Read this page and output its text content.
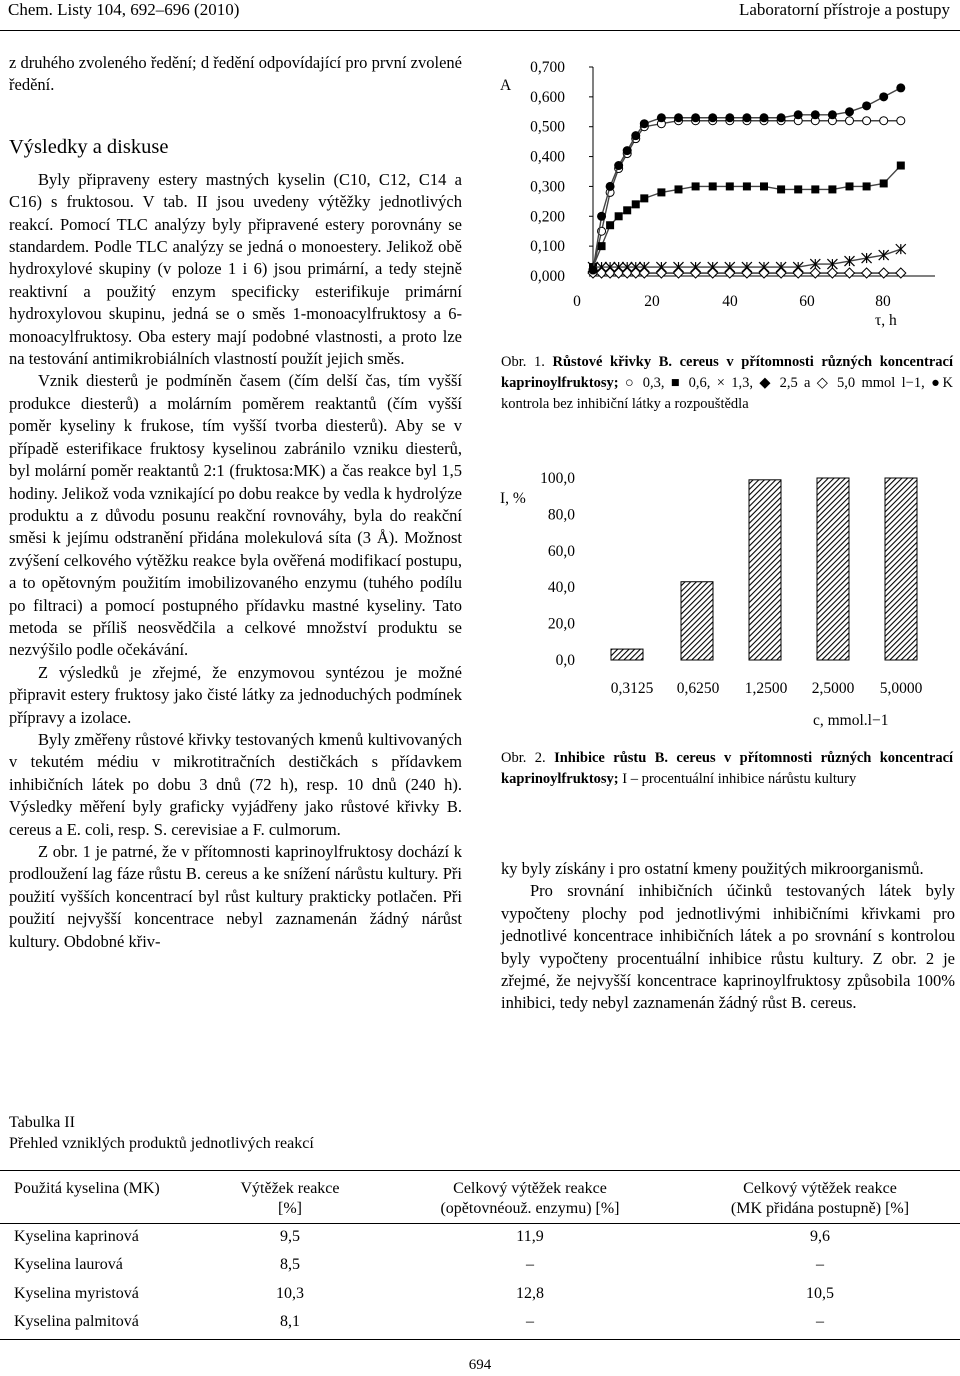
Chem. Listy 104, 692–696 (2010)	Laboratorní přístroje a postupy

z druhého zvoleného ředění; d ředění odpovídající pro první zvolené ředění.

Výsledky a diskuse

Byly připraveny estery mastných kyselin (C10, C12, C14 a C16) s fruktosou. V tab. II jsou uvedeny výtěžky jednotlivých reakcí. Pomocí TLC analýzy byly připravené estery porovnány se standardem. Podle TLC analýzy se jedná o monoestery. Jelikož obě hydroxylové skupiny (v poloze 1 i 6) jsou primární, a tedy stejně reaktivní a použitý enzym specificky esterifikuje primární hydroxylovou skupinu, jedná se o směs 1-monoacylfruktosy a 6-monoacylfruktosy. Oba estery mají podobné vlastnosti, a proto lze na testování antimikrobiálních vlastností použít jejich směs.

Vznik diesterů je podmíněn časem (čím delší čas, tím vyšší produkce diesterů) a molárním poměrem reaktantů (čím vyšší poměr kyseliny k frukose, tím vyšší tvorba diesterů). Aby se v případě esterifikace fruktosy kyselinou zabránilo vzniku diesterů, byl molární poměr reaktantů 2:1 (fruktosa:MK) a čas reakce byl 1,5 hodiny. Jelikož voda vznikající po dobu reakce by vedla k hydrolýze produktu a z důvodu posunu reakční rovnováhy, byla do reakční směsi k jejímu odstranění přidána molekulová síta (3 Å). Možnost zvýšení celkového výtěžku reakce byla ověřená modifikací postupu, a to opětovným použitím imobilizovaného enzymu (tuhého podílu po filtraci) a pomocí postupného přídavku mastné kyseliny. Tato metoda se příliš neosvědčila a celkové množství produktu se nezvýšilo podle očekávání.

Z výsledků je zřejmé, že enzymovou syntézou je možné připravit estery fruktosy jako čisté látky za jednoduchých podmínek přípravy a izolace.

Byly změřeny růstové křivky testovaných kmenů kultivovaných v tekutém médiu v mikrotitračních destičkách s přídavkem inhibičních látek po dobu 3 dnů (72 h), resp. 10 dnů (240 h). Výsledky měření byly graficky vyjádřeny jako růstové křivky B. cereus a E. coli, resp. S. cerevisiae a F. culmorum.

Z obr. 1 je patrné, že v přítomnosti kaprinoylfruktosy dochází k prodloužení lag fáze růstu B. cereus a ke snížení nárůstu kultury. Při použití vyšších koncentrací byl růst kultury prakticky potlačen. Při použití nejvyšší koncentrace nebyl zaznamenán žádný nárůst kultury. Obdobné křiv-

A
0,000
0,100
0,200
0,300
0,400
0,500
0,600
0,700
0	20	40	60	80
τ, h
Obr. 1. Růstové křivky B. cereus v přítomnosti různých koncentrací kaprinoylfruktosy; ○ 0,3, ■ 0,6, × 1,3, ◆ 2,5 a ◇ 5,0 mmol l−1, ●K kontrola bez inhibiční látky a rozpouštědla
I, %
0,0
20,0
40,0
60,0
80,0
100,0
0,3125 0,6250 1,2500 2,5000 5,0000
c, mmol.l−1
Obr. 2. Inhibice růstu B. cereus v přítomnosti různých koncentrací kaprinoylfruktosy; I – procentuální inhibice nárůstu kultury

ky byly získány i pro ostatní kmeny použitých mikroorganismů.

Pro srovnání inhibičních účinků testovaných látek byly vypočteny plochy pod jednotlivými inhibičními křivkami pro jednotlivé koncentrace inhibičních látek a po srovnání s kontrolou byly vypočteny procentuální inhibice růstu kultury. Z obr. 2 je zřejmé, že nejvyšší koncentrace kaprinoylfruktosy způsobila 100% inhibici, tedy nebyl zaznamenán žádný růst B. cereus.

Tabulka II
Přehled vzniklých produktů jednotlivých reakcí
Použitá kyselina (MK)	Výtěžek reakce	Celkový výtěžek reakce	Celkový výtěžek reakce
[%]	(opětovnéouž. enzymu) [%]	(MK přidána postupně) [%]
Kyselina kaprinová	9,5	11,9	9,6
Kyselina laurová	8,5	–	–
Kyselina myristová	10,3	12,8	10,5
Kyselina palmitová	8,1	–	–
694
